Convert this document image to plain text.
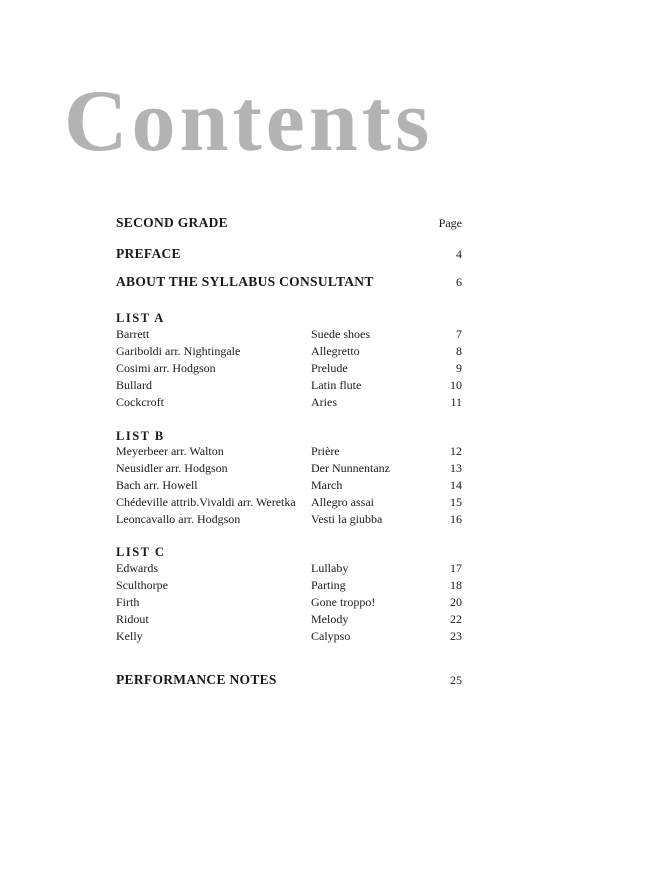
Contents
SECOND GRADE	Page
PREFACE	4
ABOUT THE SYLLABUS CONSULTANT	6
LIST A
Barrett	Suede shoes	7
Gariboldi arr. Nightingale	Allegretto	8
Cosimi arr. Hodgson	Prelude	9
Bullard	Latin flute	10
Cockcroft	Aries	11
LIST B
Meyerbeer arr. Walton	Prière	12
Neusidler arr. Hodgson	Der Nunnentanz	13
Bach arr. Howell	March	14
Chédeville attrib.Vivaldi arr. Weretka	Allegro assai	15
Leoncavallo arr. Hodgson	Vesti la giubba	16
LIST C
Edwards	Lullaby	17
Sculthorpe	Parting	18
Firth	Gone troppo!	20
Ridout	Melody	22
Kelly	Calypso	23
PERFORMANCE NOTES	25
